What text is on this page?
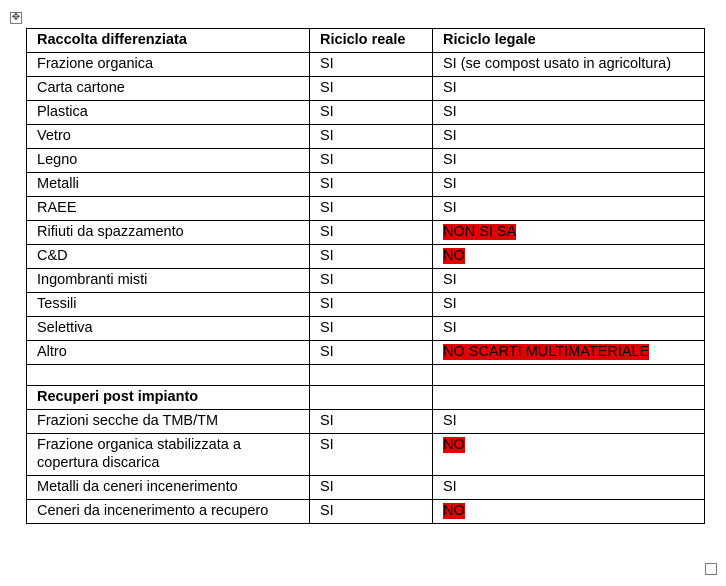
✥
Raccolta differenziata	Riciclo reale	Riciclo legale
Frazione organica	SI	SI (se compost usato in agricoltura)
Carta cartone	SI	SI
Plastica	SI	SI
Vetro	SI	SI
Legno	SI	SI
Metalli	SI	SI
RAEE	SI	SI
Rifiuti da spazzamento	SI	NON SI SA
C&D	SI	NO
Ingombranti misti	SI	SI
Tessili	SI	SI
Selettiva	SI	SI
Altro	SI	NO SCARTI MULTIMATERIALE

Recuperi post impianto		
Frazioni secche da TMB/TM	SI	SI
Frazione organica stabilizzata a copertura discarica	SI	NO
Metalli da ceneri incenerimento	SI	SI
Ceneri da incenerimento a recupero	SI	NO
